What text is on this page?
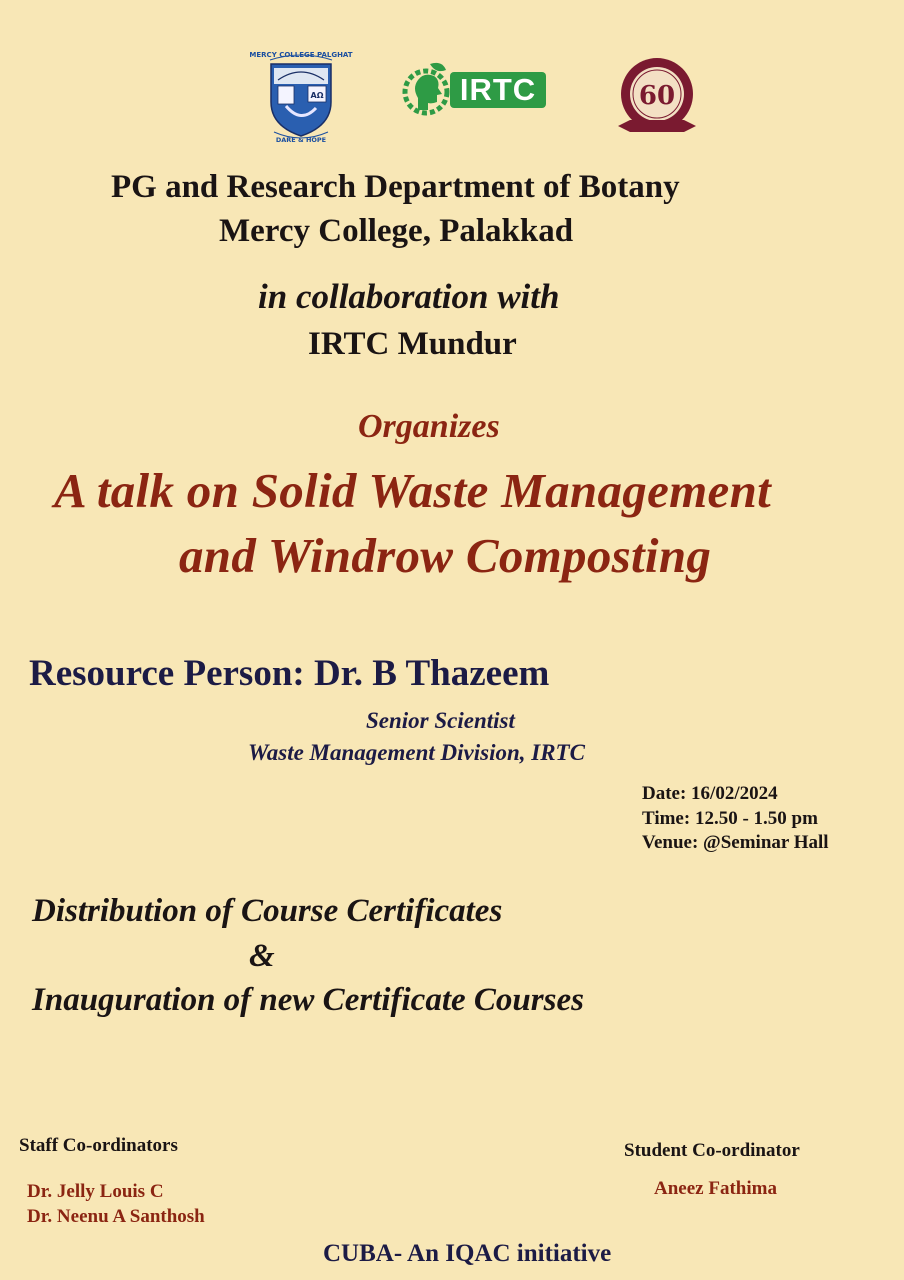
MERCY COLLEGE PALGHAT
AΩ
DARE & HOPE
IRTC	60
PG and Research Department of Botany
Mercy College, Palakkad
in collaboration with
IRTC Mundur
Organizes
A talk on Solid Waste Management
and Windrow Composting
Resource Person: Dr. B Thazeem
Senior Scientist
Waste Management Division, IRTC
Date: 16/02/2024
Time: 12.50 - 1.50 pm
Venue: @Seminar Hall
Distribution of Course Certificates
&
Inauguration of new Certificate Courses
Staff Co-ordinators
Dr. Jelly Louis C
Dr. Neenu A Santhosh
Student Co-ordinator
Aneez Fathima
CUBA- An IQAC initiative
